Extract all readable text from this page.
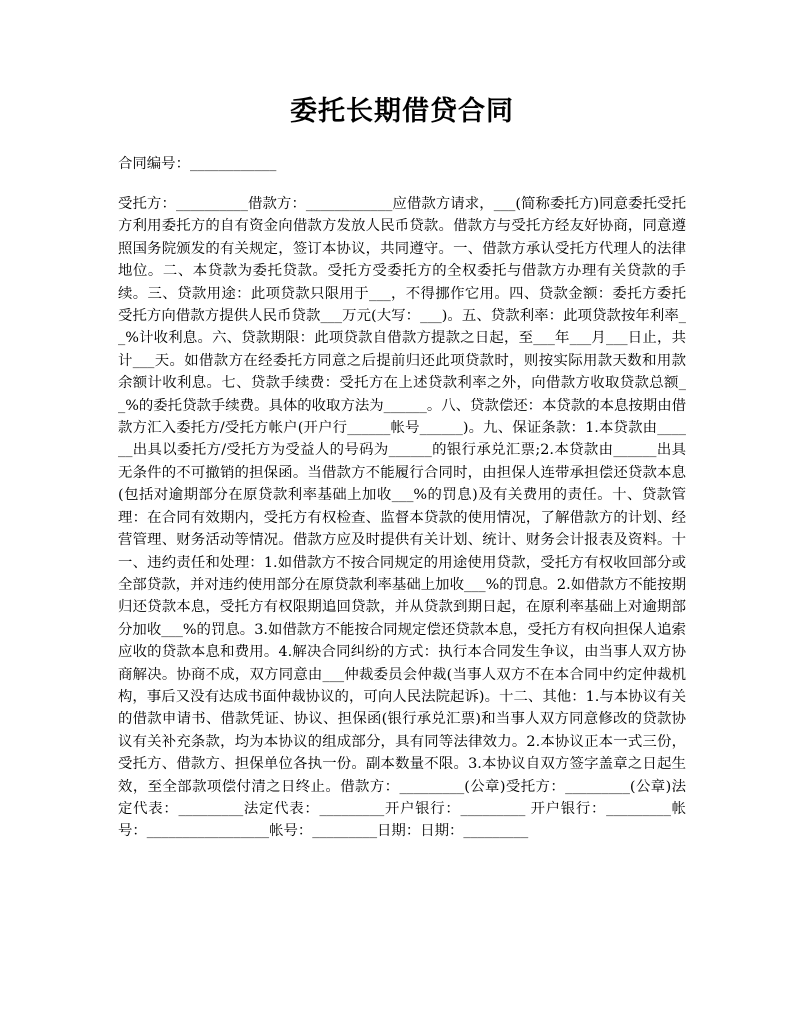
委托长期借贷合同
合同编号：____________
受托方：__________借款方：____________应借款方请求，___(简称委托方)同意委托受托方利用委托方的自有资金向借款方发放人民币贷款。借款方与受托方经友好协商，同意遵照国务院颁发的有关规定，签订本协议，共同遵守。一、借款方承认受托方代理人的法律地位。二、本贷款为委托贷款。受托方受委托方的全权委托与借款方办理有关贷款的手续。三、贷款用途：此项贷款只限用于___，不得挪作它用。四、贷款金额：委托方委托受托方向借款方提供人民币贷款___万元(大写：___)。五、贷款利率：此项贷款按年利率__%计收利息。六、贷款期限：此项贷款自借款方提款之日起，至___年___月___日止，共计___天。如借款方在经委托方同意之后提前归还此项贷款时，则按实际用款天数和用款余额计收利息。七、贷款手续费：受托方在上述贷款利率之外，向借款方收取贷款总额__%的委托贷款手续费。具体的收取方法为______。八、贷款偿还：本贷款的本息按期由借款方汇入委托方/受托方帐户(开户行______帐号______)。九、保证条款：1.本贷款由______出具以委托方/受托方为受益人的号码为______的银行承兑汇票;2.本贷款由______出具无条件的不可撤销的担保函。当借款方不能履行合同时，由担保人连带承担偿还贷款本息(包括对逾期部分在原贷款利率基础上加收___%的罚息)及有关费用的责任。十、贷款管理：在合同有效期内，受托方有权检查、监督本贷款的使用情况，了解借款方的计划、经营管理、财务活动等情况。借款方应及时提供有关计划、统计、财务会计报表及资料。十一、违约责任和处理：1.如借款方不按合同规定的用途使用贷款，受托方有权收回部分或全部贷款，并对违约使用部分在原贷款利率基础上加收___%的罚息。2.如借款方不能按期归还贷款本息，受托方有权限期追回贷款，并从贷款到期日起，在原利率基础上对逾期部分加收___%的罚息。3.如借款方不能按合同规定偿还贷款本息，受托方有权向担保人追索应收的贷款本息和费用。4.解决合同纠纷的方式：执行本合同发生争议，由当事人双方协商解决。协商不成，双方同意由___仲裁委员会仲裁(当事人双方不在本合同中约定仲裁机构，事后又没有达成书面仲裁协议的，可向人民法院起诉)。十二、其他：1.与本协议有关的借款申请书、借款凭证、协议、担保函(银行承兑汇票)和当事人双方同意修改的贷款协议有关补充条款，均为本协议的组成部分，具有同等法律效力。2.本协议正本一式三份，受托方、借款方、担保单位各执一份。副本数量不限。3.本协议自双方签字盖章之日起生效，至全部款项偿付清之日终止。借款方：_________(公章)受托方：_________(公章)法定代表：_________法定代表：_________开户银行：_________ 开户银行：_________帐号：_________________帐号：_________日期：日期：_________
